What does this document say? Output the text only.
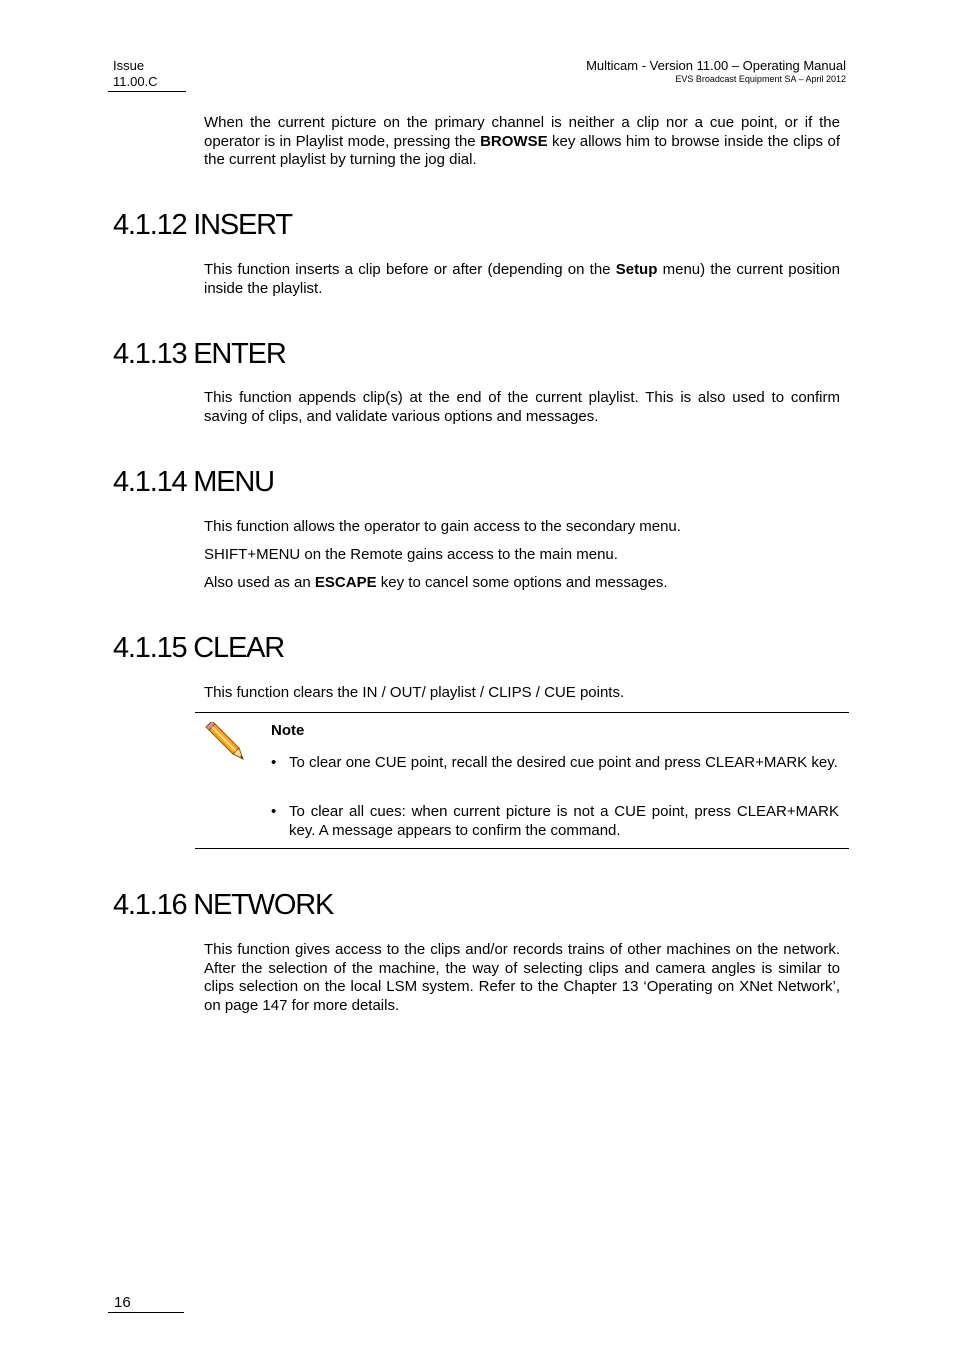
Issue
11.00.C
Multicam - Version 11.00 – Operating Manual
EVS Broadcast Equipment SA – April 2012

When the current picture on the primary channel is neither a clip nor a cue point, or if the operator is in Playlist mode, pressing the BROWSE key allows him to browse inside the clips of the current playlist by turning the jog dial.

4.1.12 INSERT

This function inserts a clip before or after (depending on the Setup menu) the current position inside the playlist.

4.1.13 ENTER

This function appends clip(s) at the end of the current playlist. This is also used to confirm saving of clips, and validate various options and messages.

4.1.14 MENU

This function allows the operator to gain access to the secondary menu.

SHIFT+MENU on the Remote gains access to the main menu.

Also used as an ESCAPE key to cancel some options and messages.

4.1.15 CLEAR

This function clears the IN / OUT/ playlist / CLIPS / CUE points.

Note
• To clear one CUE point, recall the desired cue point and press CLEAR+MARK key.
• To clear all cues: when current picture is not a CUE point, press CLEAR+MARK key. A message appears to confirm the command.
4.1.16 NETWORK

This function gives access to the clips and/or records trains of other machines on the network. After the selection of the machine, the way of selecting clips and camera angles is similar to clips selection on the local LSM system. Refer to the Chapter 13 ‘Operating on XNet Network’, on page 147 for more details.

16
